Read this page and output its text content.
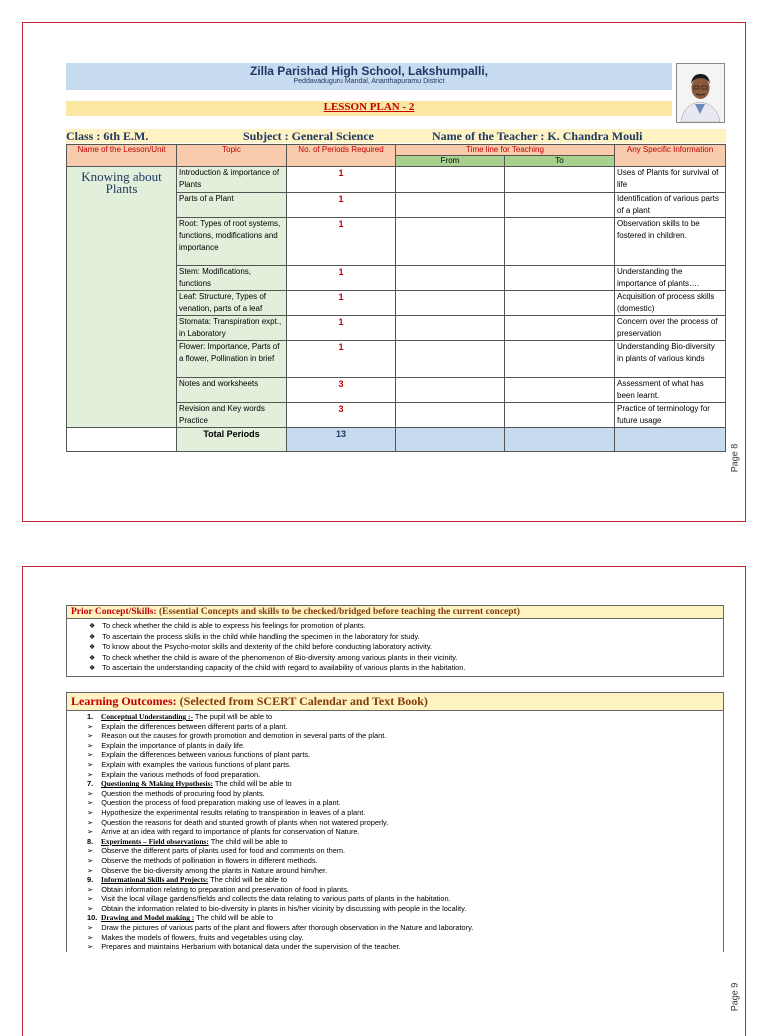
Zilla Parishad High School, Lakshumpalli,
Peddavaduguru Mandal, Ananthapuramu District
LESSON PLAN - 2
Class : 6th E.M.	Subject : General Science	Name of the Teacher : K. Chandra Mouli
Name of the Lesson/Unit	Topic	No. of Periods Required	Time line for Teaching		Any Specific Information
			From	To	
Knowing about Plants	Introduction & importance of Plants	1			Uses of Plants for survival of life
	Parts of a Plant	1			Identification of various parts of a plant
	Root: Types of root systems, functions, modifications and importance	1			Observation skills to be fostered in children.
	Stem: Modifications, functions	1			Understanding the importance of plants….
	Leaf: Structure, Types of venation, parts of a leaf	1			Acquisition of process skills (domestic)
	Stomata: Transpiration expt., in Laboratory	1			Concern over the process of preservation
	Flower: Importance, Parts of a flower, Pollination in brief	1			Understanding Bio-diversity in plants of various kinds
	Notes and worksheets	3			Assessment of what has been learnt.
	Revision and Key words Practice	3			Practice of terminology for future usage
	Total Periods	13			
Page 8
Prior Concept/Skills: (Essential Concepts and skills to be checked/bridged before teaching the current concept)
❖ To check whether the child is able to express his feelings for promotion of plants.
❖ To ascertain the process skills in the child while handling the specimen in the laboratory for study.
❖ To know about the Psycho-motor skills and dexterity of the child before conducting laboratory activity.
❖ To check whether the child is aware of the phenomenon of Bio-diversity among various plants in their vicinity.
❖ To ascertain the understanding capacity of the child with regard to availability of various plants in the habitation.
Learning Outcomes: (Selected from SCERT Calendar and Text Book)
1. Conceptual Understanding :- The pupil will be able to
➢ Explain the differences between different parts of a plant.
➢ Reason out the causes for growth promotion and demotion in several parts of the plant.
➢ Explain the importance of plants in daily life.
➢ Explain the differences between various functions of plant parts.
➢ Explain with examples the various functions of plant parts.
➢ Explain the various methods of food preparation.
7. Questioning & Making Hypothesis: The child will be able to
➢ Question the methods of procuring food by plants.
➢ Question the process of food preparation making use of leaves in a plant.
➢ Hypothesize the experimental results relating to transpiration in leaves of a plant.
➢ Question the reasons for death and stunted growth of plants when not watered properly.
➢ Arrive at an idea with regard to importance of plants for conservation of Nature.
8. Experiments – Field observations: The child will be able to
➢ Observe the different parts of plants used for food and comments on them.
➢ Observe the methods of pollination in flowers in different methods.
➢ Observe the bio-diversity among the plants in Nature around him/her.
9. Informational Skills and Projects: The child will be able to
➢ Obtain information relating to preparation and preservation of food in plants.
➢ Visit the local village gardens/fields and collects the data relating to various parts of plants in the habitation.
➢ Obtain the information related to bio-diversity in plants in his/her vicinity by discussing with people in the locality.
10. Drawing and Model making : The child will be able to
➢ Draw the pictures of various parts of the plant and flowers after thorough observation in the Nature and laboratory.
➢ Makes the models of flowers, fruits and vegetables using clay.
➢ Prepares and maintains Herbarium with botanical data under the supervision of the teacher.
Page 9
